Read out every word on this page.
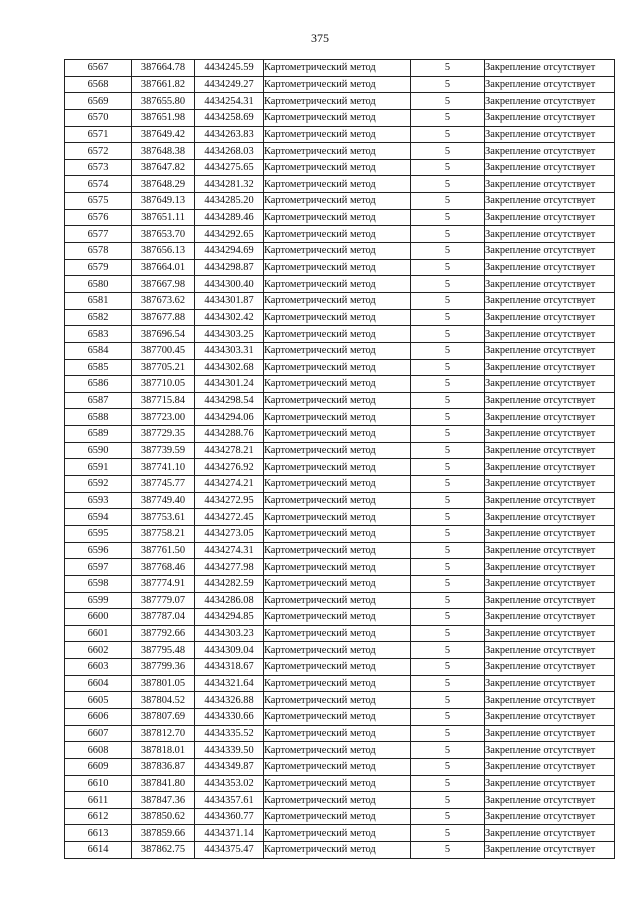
375
6567	387664.78	4434245.59	Картометрический метод	5	Закрепление отсутствует
6568	387661.82	4434249.27	Картометрический метод	5	Закрепление отсутствует
6569	387655.80	4434254.31	Картометрический метод	5	Закрепление отсутствует
6570	387651.98	4434258.69	Картометрический метод	5	Закрепление отсутствует
6571	387649.42	4434263.83	Картометрический метод	5	Закрепление отсутствует
6572	387648.38	4434268.03	Картометрический метод	5	Закрепление отсутствует
6573	387647.82	4434275.65	Картометрический метод	5	Закрепление отсутствует
6574	387648.29	4434281.32	Картометрический метод	5	Закрепление отсутствует
6575	387649.13	4434285.20	Картометрический метод	5	Закрепление отсутствует
6576	387651.11	4434289.46	Картометрический метод	5	Закрепление отсутствует
6577	387653.70	4434292.65	Картометрический метод	5	Закрепление отсутствует
6578	387656.13	4434294.69	Картометрический метод	5	Закрепление отсутствует
6579	387664.01	4434298.87	Картометрический метод	5	Закрепление отсутствует
6580	387667.98	4434300.40	Картометрический метод	5	Закрепление отсутствует
6581	387673.62	4434301.87	Картометрический метод	5	Закрепление отсутствует
6582	387677.88	4434302.42	Картометрический метод	5	Закрепление отсутствует
6583	387696.54	4434303.25	Картометрический метод	5	Закрепление отсутствует
6584	387700.45	4434303.31	Картометрический метод	5	Закрепление отсутствует
6585	387705.21	4434302.68	Картометрический метод	5	Закрепление отсутствует
6586	387710.05	4434301.24	Картометрический метод	5	Закрепление отсутствует
6587	387715.84	4434298.54	Картометрический метод	5	Закрепление отсутствует
6588	387723.00	4434294.06	Картометрический метод	5	Закрепление отсутствует
6589	387729.35	4434288.76	Картометрический метод	5	Закрепление отсутствует
6590	387739.59	4434278.21	Картометрический метод	5	Закрепление отсутствует
6591	387741.10	4434276.92	Картометрический метод	5	Закрепление отсутствует
6592	387745.77	4434274.21	Картометрический метод	5	Закрепление отсутствует
6593	387749.40	4434272.95	Картометрический метод	5	Закрепление отсутствует
6594	387753.61	4434272.45	Картометрический метод	5	Закрепление отсутствует
6595	387758.21	4434273.05	Картометрический метод	5	Закрепление отсутствует
6596	387761.50	4434274.31	Картометрический метод	5	Закрепление отсутствует
6597	387768.46	4434277.98	Картометрический метод	5	Закрепление отсутствует
6598	387774.91	4434282.59	Картометрический метод	5	Закрепление отсутствует
6599	387779.07	4434286.08	Картометрический метод	5	Закрепление отсутствует
6600	387787.04	4434294.85	Картометрический метод	5	Закрепление отсутствует
6601	387792.66	4434303.23	Картометрический метод	5	Закрепление отсутствует
6602	387795.48	4434309.04	Картометрический метод	5	Закрепление отсутствует
6603	387799.36	4434318.67	Картометрический метод	5	Закрепление отсутствует
6604	387801.05	4434321.64	Картометрический метод	5	Закрепление отсутствует
6605	387804.52	4434326.88	Картометрический метод	5	Закрепление отсутствует
6606	387807.69	4434330.66	Картометрический метод	5	Закрепление отсутствует
6607	387812.70	4434335.52	Картометрический метод	5	Закрепление отсутствует
6608	387818.01	4434339.50	Картометрический метод	5	Закрепление отсутствует
6609	387836.87	4434349.87	Картометрический метод	5	Закрепление отсутствует
6610	387841.80	4434353.02	Картометрический метод	5	Закрепление отсутствует
6611	387847.36	4434357.61	Картометрический метод	5	Закрепление отсутствует
6612	387850.62	4434360.77	Картометрический метод	5	Закрепление отсутствует
6613	387859.66	4434371.14	Картометрический метод	5	Закрепление отсутствует
6614	387862.75	4434375.47	Картометрический метод	5	Закрепление отсутствует
